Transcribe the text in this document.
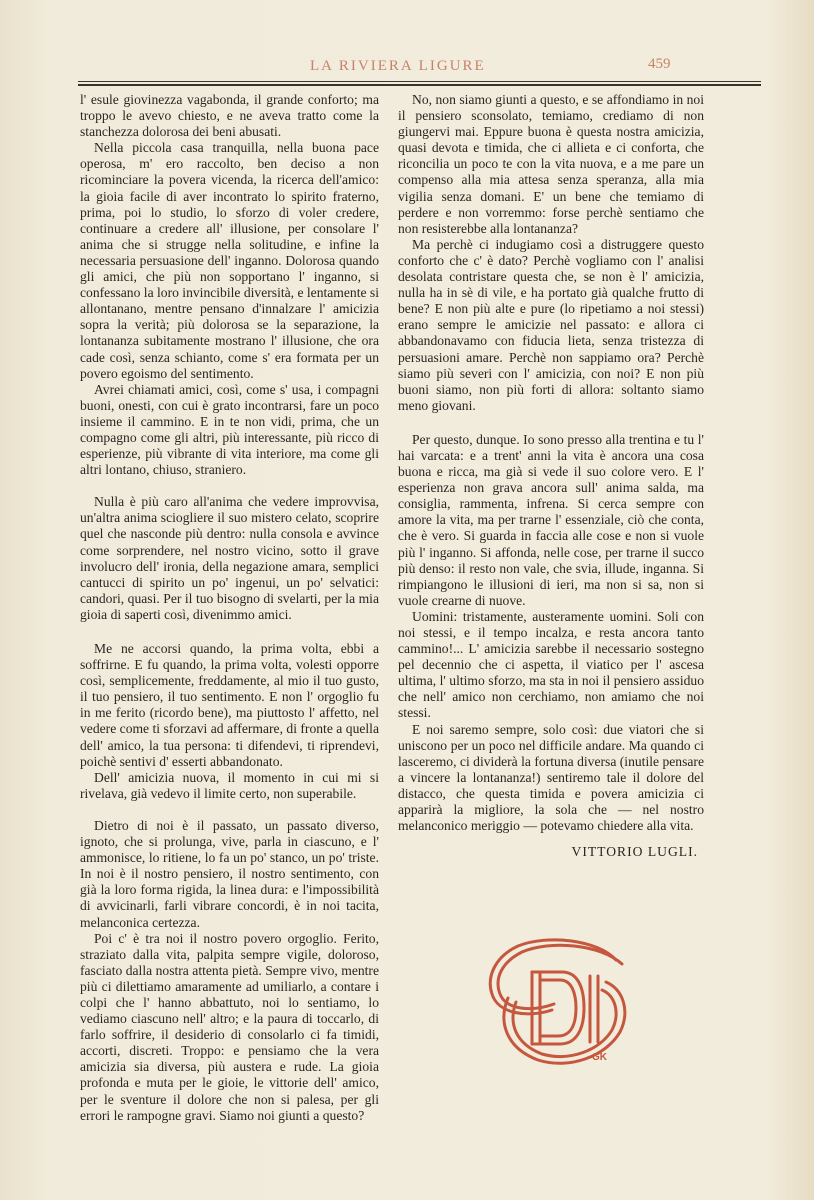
LA RIVIERA LIGURE	459

l' esule giovinezza vagabonda, il grande conforto; ma troppo le avevo chiesto, e ne aveva tratto come la stanchezza dolorosa dei beni abusati.

Nella piccola casa tranquilla, nella buona pace operosa, m' ero raccolto, ben deciso a non ricominciare la povera vicenda, la ricerca dell'amico: la gioia facile di aver incontrato lo spirito fraterno, prima, poi lo studio, lo sforzo di voler credere, continuare a credere all' illusione, per consolare l' anima che si strugge nella solitudine, e infine la necessaria persuasione dell' inganno. Dolorosa quando gli amici, che più non sopportano l' inganno, si confessano la loro invincibile diversità, e lentamente si allontanano, mentre pensano d'innalzare l' amicizia sopra la verità; più dolorosa se la separazione, la lontananza subitamente mostrano l' illusione, che ora cade così, senza schianto, come s' era formata per un povero egoismo del sentimento.

Avrei chiamati amici, così, come s' usa, i compagni buoni, onesti, con cui è grato incontrarsi, fare un poco insieme il cammino. E in te non vidi, prima, che un compagno come gli altri, più interessante, più ricco di esperienze, più vibrante di vita interiore, ma come gli altri lontano, chiuso, straniero.

Nulla è più caro all'anima che vedere improvvisa, un'altra anima sciogliere il suo mistero celato, scoprire quel che nasconde più dentro: nulla consola e avvince come sorprendere, nel nostro vicino, sotto il grave involucro dell' ironia, della negazione amara, semplici cantucci di spirito un po' ingenui, un po' selvatici: candori, quasi. Per il tuo bisogno di svelarti, per la mia gioia di saperti così, divenimmo amici.

Me ne accorsi quando, la prima volta, ebbi a soffrirne. E fu quando, la prima volta, volesti opporre così, semplicemente, freddamente, al mio il tuo gusto, il tuo pensiero, il tuo sentimento. E non l' orgoglio fu in me ferito (ricordo bene), ma piuttosto l' affetto, nel vedere come ti sforzavi ad affermare, di fronte a quella dell' amico, la tua persona: ti difendevi, ti riprendevi, poichè sentivi d' esserti abbandonato.

Dell' amicizia nuova, il momento in cui mi si rivelava, già vedevo il limite certo, non superabile.

Dietro di noi è il passato, un passato diverso, ignoto, che si prolunga, vive, parla in ciascuno, e l' ammonisce, lo ritiene, lo fa un po' stanco, un po' triste. In noi è il nostro pensiero, il nostro sentimento, con già la loro forma rigida, la linea dura: e l'impossibilità di avvicinarli, farli vibrare concordi, è in noi tacita, melanconica certezza.

Poi c' è tra noi il nostro povero orgoglio. Ferito, straziato dalla vita, palpita sempre vigile, doloroso, fasciato dalla nostra attenta pietà. Sempre vivo, mentre più ci dilettiamo amaramente ad umiliarlo, a contare i colpi che l' hanno abbattuto, noi lo sentiamo, lo vediamo ciascuno nell' altro; e la paura di toccarlo, di farlo soffrire, il desiderio di consolarlo ci fa timidi, accorti, discreti. Troppo: e pensiamo che la vera amicizia sia diversa, più austera e rude. La gioia profonda e muta per le gioie, le vittorie dell' amico, per le sventure il dolore che non si palesa, per gli errori le rampogne gravi. Siamo noi giunti a questo?

No, non siamo giunti a questo, e se affondiamo in noi il pensiero sconsolato, temiamo, crediamo di non giungervi mai. Eppure buona è questa nostra amicizia, quasi devota e timida, che ci allieta e ci conforta, che riconcilia un poco te con la vita nuova, e a me pare un compenso alla mia attesa senza speranza, alla mia vigilia senza domani. E' un bene che temiamo di perdere e non vorremmo: forse perchè sentiamo che non resisterebbe alla lontananza?

Ma perchè ci indugiamo così a distruggere questo conforto che c' è dato? Perchè vogliamo con l' analisi desolata contristare questa che, se non è l' amicizia, nulla ha in sè di vile, e ha portato già qualche frutto di bene? E non più alte e pure (lo ripetiamo a noi stessi) erano sempre le amicizie nel passato: e allora ci abbandonavamo con fiducia lieta, senza tristezza di persuasioni amare. Perchè non sappiamo ora? Perchè siamo più severi con l' amicizia, con noi? E non più buoni siamo, non più forti di allora: soltanto siamo meno giovani.

Per questo, dunque. Io sono presso alla trentina e tu l' hai varcata: e a trent' anni la vita è ancora una cosa buona e ricca, ma già si vede il suo colore vero. E l' esperienza non grava ancora sull' anima salda, ma consiglia, rammenta, infrena. Si cerca sempre con amore la vita, ma per trarne l' essenziale, ciò che conta, che è vero. Si guarda in faccia alle cose e non si vuole più l' inganno. Si affonda, nelle cose, per trarne il succo più denso: il resto non vale, che svia, illude, inganna. Si rimpiangono le illusioni di ieri, ma non si sa, non si vuole crearne di nuove.

Uomini: tristamente, austeramente uomini. Soli con noi stessi, e il tempo incalza, e resta ancora tanto cammino!... L' amicizia sarebbe il necessario sostegno pel decennio che ci aspetta, il viatico per l' ascesa ultima, l' ultimo sforzo, ma sta in noi il pensiero assiduo che nell' amico non cerchiamo, non amiamo che noi stessi.

E noi saremo sempre, solo così: due viatori che si uniscono per un poco nel difficile andare. Ma quando ci lasceremo, ci dividerà la fortuna diversa (inutile pensare a vincere la lontananza!) sentiremo tale il dolore del distacco, che questa timida e povera amicizia ci apparirà la migliore, la sola che — nel nostro melanconico meriggio — potevamo chiedere alla vita.

VITTORIO LUGLI.
GK
